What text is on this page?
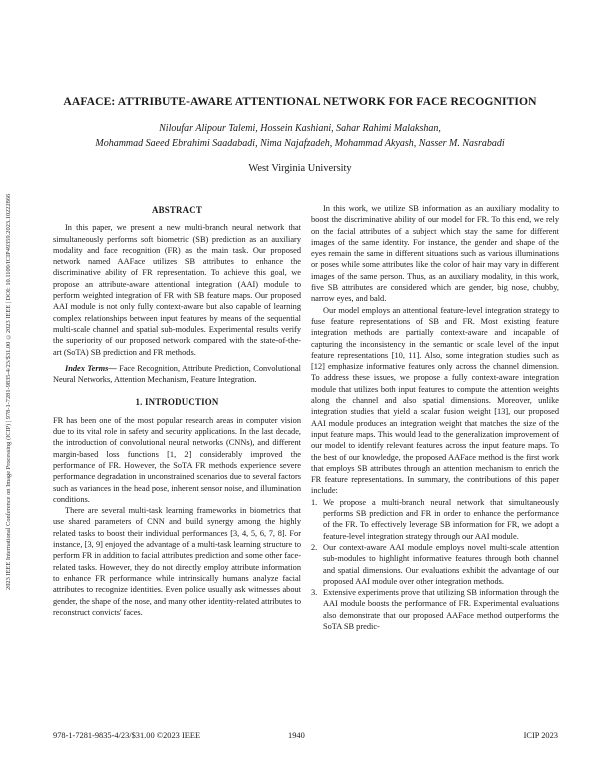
2023 IEEE International Conference on Image Processing (ICIP) | 978-1-7281-9835-4/23/$31.00 ©2023 IEEE | DOI: 10.1109/ICIP49359.2023.10222866
AAFACE: ATTRIBUTE-AWARE ATTENTIONAL NETWORK FOR FACE RECOGNITION
Niloufar Alipour Talemi, Hossein Kashiani, Sahar Rahimi Malakshan,
Mohammad Saeed Ebrahimi Saadabadi, Nima Najafzadeh, Mohammad Akyash, Nasser M. Nasrabadi
West Virginia University
ABSTRACT

In this paper, we present a new multi-branch neural network that simultaneously performs soft biometric (SB) prediction as an auxiliary modality and face recognition (FR) as the main task. Our proposed network named AAFace utilizes SB attributes to enhance the discriminative ability of FR representation. To achieve this goal, we propose an attribute-aware attentional integration (AAI) module to perform weighted integration of FR with SB feature maps. Our proposed AAI module is not only fully context-aware but also capable of learning complex relationships between input features by means of the sequential multi-scale channel and spatial sub-modules. Experimental results verify the superiority of our proposed network compared with the state-of-the-art (SoTA) SB prediction and FR methods.

Index Terms— Face Recognition, Attribute Prediction, Convolutional Neural Networks, Attention Mechanism, Feature Integration.

1. INTRODUCTION

FR has been one of the most popular research areas in computer vision due to its vital role in safety and security applications. In the last decade, the introduction of convolutional neural networks (CNNs), and different margin-based loss functions [1, 2] considerably improved the performance of FR. However, the SoTA FR methods experience severe performance degradation in unconstrained scenarios due to several factors such as variances in the head pose, inherent sensor noise, and illumination conditions.

There are several multi-task learning frameworks in biometrics that use shared parameters of CNN and build synergy among the highly related tasks to boost their individual performances [3, 4, 5, 6, 7, 8]. For instance, [3, 9] enjoyed the advantage of a multi-task learning structure to perform FR in addition to facial attributes prediction and some other face-related tasks. However, they do not directly employ attribute information to enhance FR performance while intrinsically humans analyze facial attributes to recognize identities. Even police usually ask witnesses about gender, the shape of the nose, and many other identity-related attributes to reconstruct convicts' faces.

In this work, we utilize SB information as an auxiliary modality to boost the discriminative ability of our model for FR. To this end, we rely on the facial attributes of a subject which stay the same for different images of the same identity. For instance, the gender and shape of the eyes remain the same in different situations such as various illuminations or poses while some attributes like the color of hair may vary in different images of the same person. Thus, as an auxiliary modality, in this work, five SB attributes are considered which are gender, big nose, chubby, narrow eyes, and bald.

Our model employs an attentional feature-level integration strategy to fuse feature representations of SB and FR. Most existing feature integration methods are partially context-aware and incapable of capturing the inconsistency in the semantic or scale level of the input feature representations [10, 11]. Also, some integration studies such as [12] emphasize informative features only across the channel dimension. To address these issues, we propose a fully context-aware integration module that utilizes both input features to compute the attention weights along the channel and also spatial dimensions. Moreover, unlike integration studies that yield a scalar fusion weight [13], our proposed AAI module produces an integration weight that matches the size of the input feature maps. This would lead to the generalization improvement of our model to identify relevant features across the input feature maps. To the best of our knowledge, the proposed AAFace method is the first work that employs SB attributes through an attention mechanism to enrich the FR feature representations. In summary, the contributions of this paper include:

1. We propose a multi-branch neural network that simultaneously performs SB prediction and FR in order to enhance the performance of the FR. To effectively leverage SB information for FR, we adopt a feature-level integration strategy through our AAI module.
2. Our context-aware AAI module employs novel multi-scale attention sub-modules to highlight informative features through both channel and spatial dimensions. Our evaluations exhibit the advantage of our proposed AAI module over other integration methods.
3. Extensive experiments prove that utilizing SB information through the AAI module boosts the performance of FR. Experimental evaluations also demonstrate that our proposed AAFace method outperforms the SoTA SB predic-
978-1-7281-9835-4/23/$31.00 ©2023 IEEE	1940	ICIP 2023
